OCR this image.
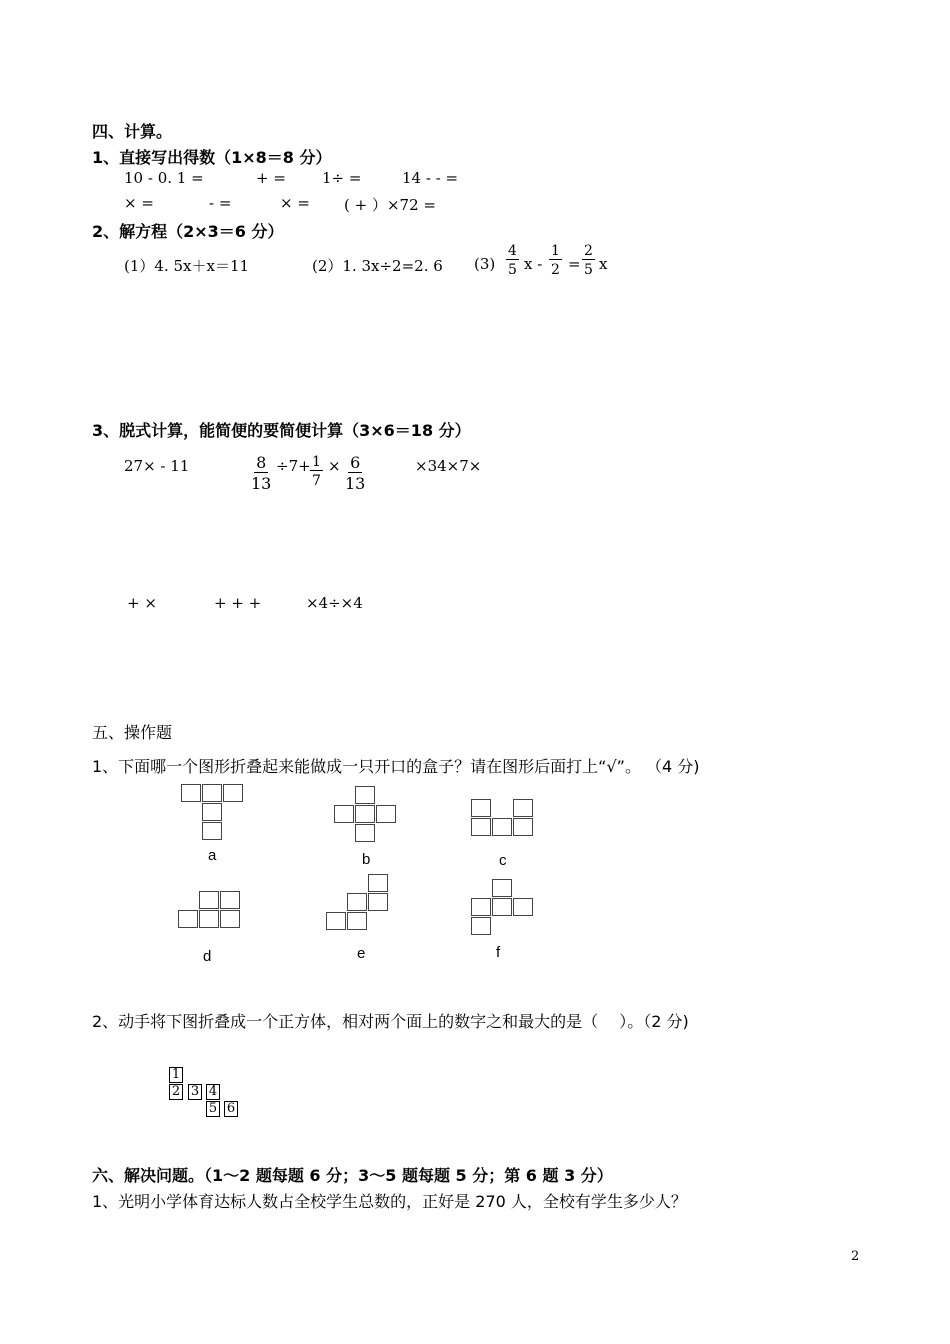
四、计算。
1、直接写出得数（1×8＝8 分）
10 - 0. 1 =	+ = 1÷ =	14 - - =
× =	- =	× = ( + ）×72 =
2、解方程（2×3＝6 分）
(1）4. 5x＋x＝11	(2）1. 3x÷2=2. 6 $(3) \frac{4}{5}$ $x - \frac{1}{2} = \frac{2}{5}$ x
3、脱式计算，能简便的要简便计算（3×6＝18 分）
27× - 11	$\frac{8}{13} \div 7+ \frac{1}{7} \times \frac{6}{13}$	×34×7×
+ ×	+ + +	×4÷×4
五、操作题
1、下面哪一个图形折叠起来能做成一只开口的盒子？请在图形后面打上“√”。 （4 分)
a	b	c
d	e	f
2、动手将下图折叠成一个正方体，相对两个面上的数字之和最大的是（　 ）。（2 分)
1
2 3 4
5 6
六、解决问题。（1～2 题每题 6 分；3～5 题每题 5 分；第 6 题 3 分）
1、光明小学体育达标人数占全校学生总数的，正好是 270 人，全校有学生多少人？
2
